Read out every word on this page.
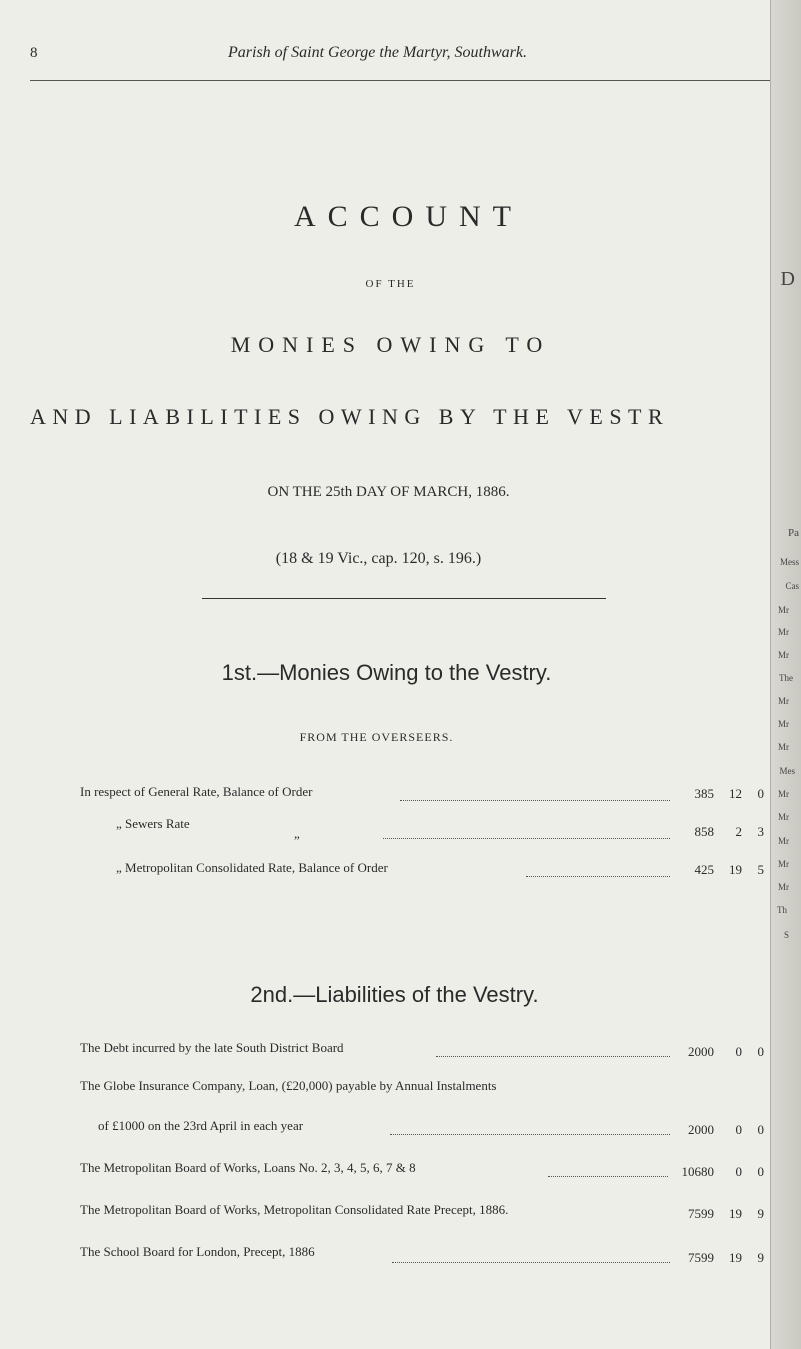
D
Pa
Mess
Cas
Mr
Mr
Mr
The
Mr
Mr
Mr
Mes
Mr
Mr
Mr
Mr
Mr
Th
S
8	Parish of Saint George the Martyr, Southwark.
ACCOUNT
OF THE
MONIES OWING TO
AND LIABILITIES OWING BY THE VESTR
ON THE 25th DAY OF MARCH, 1886.
(18 & 19 Vic., cap. 120, s. 196.)
1st.—Monies Owing to the Vestry.
FROM THE OVERSEERS.
In respect of General Rate, Balance of Order	385	12	0
„ Sewers Rate
„	858	2	3
„ Metropolitan Consolidated Rate, Balance of Order	425	19	5
2nd.—Liabilities of the Vestry.
The Debt incurred by the late South District Board	2000	0	0
The Globe Insurance Company, Loan, (£20,000) payable by Annual Instalments
of £1000 on the 23rd April in each year	2000	0	0
The Metropolitan Board of Works, Loans No. 2, 3, 4, 5, 6, 7 & 8	10680	0	0
The Metropolitan Board of Works, Metropolitan Consolidated Rate Precept, 1886.	7599	19	9
The School Board for London, Precept, 1886	7599	19	9
